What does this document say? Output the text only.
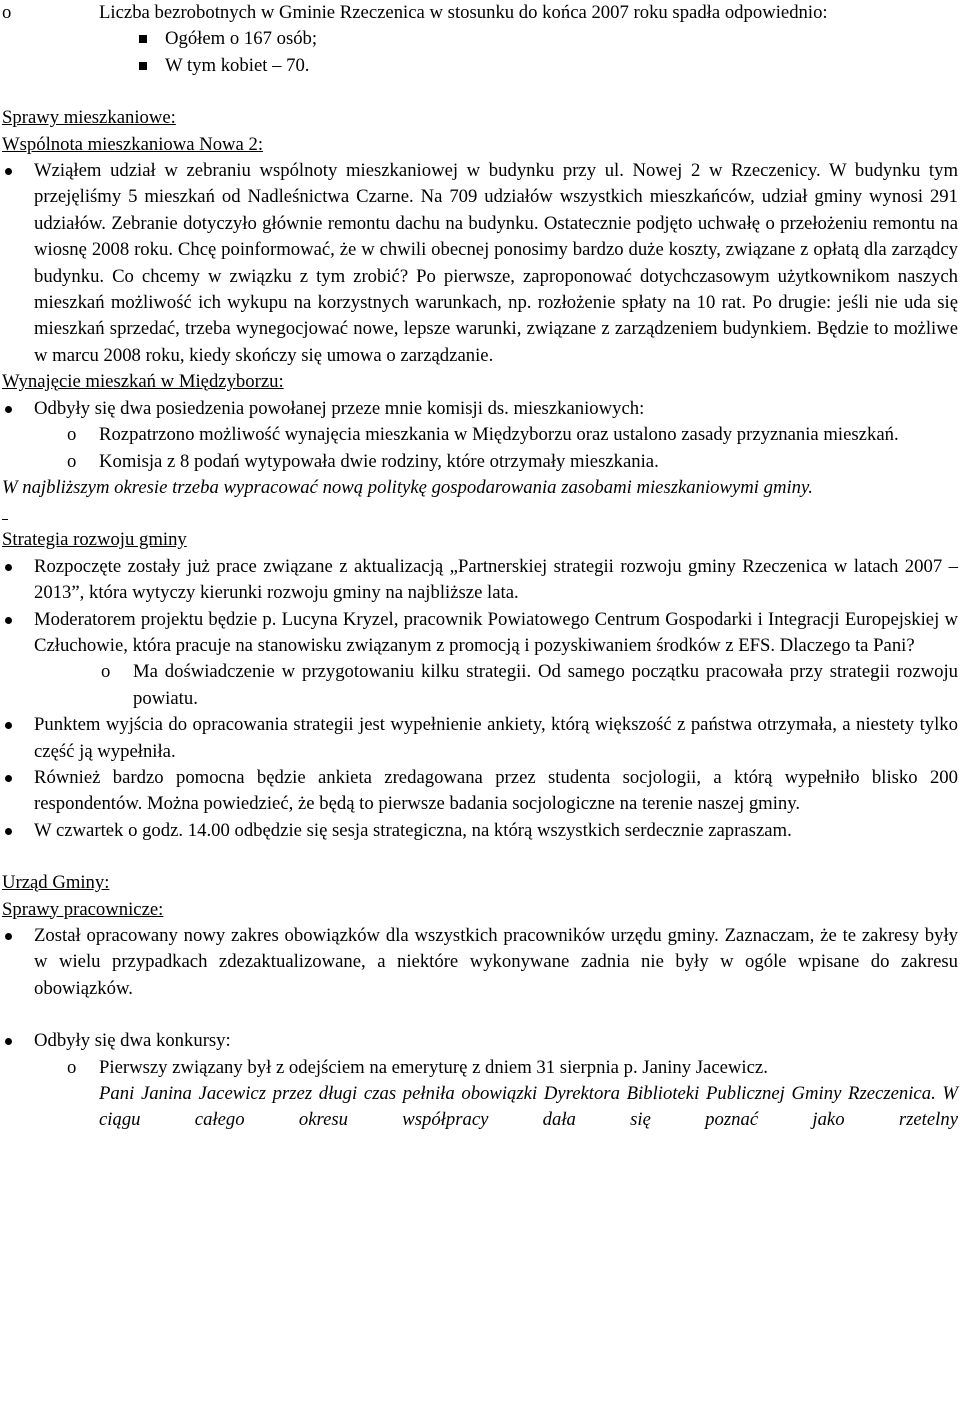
o	Liczba bezrobotnych w Gminie Rzeczenica w stosunku do końca 2007 roku spadła odpowiednio:

Ogółem o 167 osób;

W tym kobiet – 70.

Sprawy mieszkaniowe:

Wspólnota mieszkaniowa Nowa 2:

Wziąłem udział w zebraniu wspólnoty mieszkaniowej w budynku przy ul. Nowej 2 w Rzeczenicy. W budynku tym przejęliśmy 5 mieszkań od Nadleśnictwa Czarne. Na 709 udziałów wszystkich mieszkańców, udział gminy wynosi 291 udziałów. Zebranie dotyczyło głównie remontu dachu na budynku. Ostatecznie podjęto uchwałę o przełożeniu remontu na wiosnę 2008 roku. Chcę poinformować, że w chwili obecnej ponosimy bardzo duże koszty, związane z opłatą dla zarządcy budynku. Co chcemy w związku z tym zrobić? Po pierwsze, zaproponować dotychczasowym użytkownikom naszych mieszkań możliwość ich wykupu na korzystnych warunkach, np. rozłożenie spłaty na 10 rat. Po drugie: jeśli nie uda się mieszkań sprzedać, trzeba wynegocjować nowe, lepsze warunki, związane z zarządzeniem budynkiem. Będzie to możliwe w marcu 2008 roku, kiedy skończy się umowa o zarządzanie.

Wynajęcie mieszkań w Międzyborzu:

Odbyły się dwa posiedzenia powołanej przeze mnie komisji ds. mieszkaniowych:

o Rozpatrzono możliwość wynajęcia mieszkania w Międzyborzu oraz ustalono zasady przyznania mieszkań.

o Komisja z 8 podań wytypowała dwie rodziny, które otrzymały mieszkania.

W najbliższym okresie trzeba wypracować nową politykę gospodarowania zasobami mieszkaniowymi gminy.

Strategia rozwoju gminy

Rozpoczęte zostały już prace związane z aktualizacją „Partnerskiej strategii rozwoju gminy Rzeczenica w latach 2007 – 2013”, która wytyczy kierunki rozwoju gminy na najbliższe lata.

Moderatorem projektu będzie p. Lucyna Kryzel, pracownik Powiatowego Centrum Gospodarki i Integracji Europejskiej w Człuchowie, która pracuje na stanowisku związanym z promocją i pozyskiwaniem środków z EFS. Dlaczego ta Pani?

o Ma doświadczenie w przygotowaniu kilku strategii. Od samego początku pracowała przy strategii rozwoju powiatu.

Punktem wyjścia do opracowania strategii jest wypełnienie ankiety, którą większość z państwa otrzymała, a niestety tylko część ją wypełniła.

Również bardzo pomocna będzie ankieta zredagowana przez studenta socjologii, a którą wypełniło blisko 200 respondentów. Można powiedzieć, że będą to pierwsze badania socjologiczne na terenie naszej gminy.

W czwartek o godz. 14.00 odbędzie się sesja strategiczna, na którą wszystkich serdecznie zapraszam.

Urząd Gminy:

Sprawy pracownicze:

Został opracowany nowy zakres obowiązków dla wszystkich pracowników urzędu gminy. Zaznaczam, że te zakresy były w wielu przypadkach zdezaktualizowane, a niektóre wykonywane zadnia nie były w ogóle wpisane do zakresu obowiązków.

Odbyły się dwa konkursy:

o Pierwszy związany był z odejściem na emeryturę z dniem 31 sierpnia p. Janiny Jacewicz.

Pani Janina Jacewicz przez długi czas pełniła obowiązki Dyrektora Biblioteki Publicznej Gminy Rzeczenica. W ciągu całego okresu współpracy dała się poznać jako rzetelny
